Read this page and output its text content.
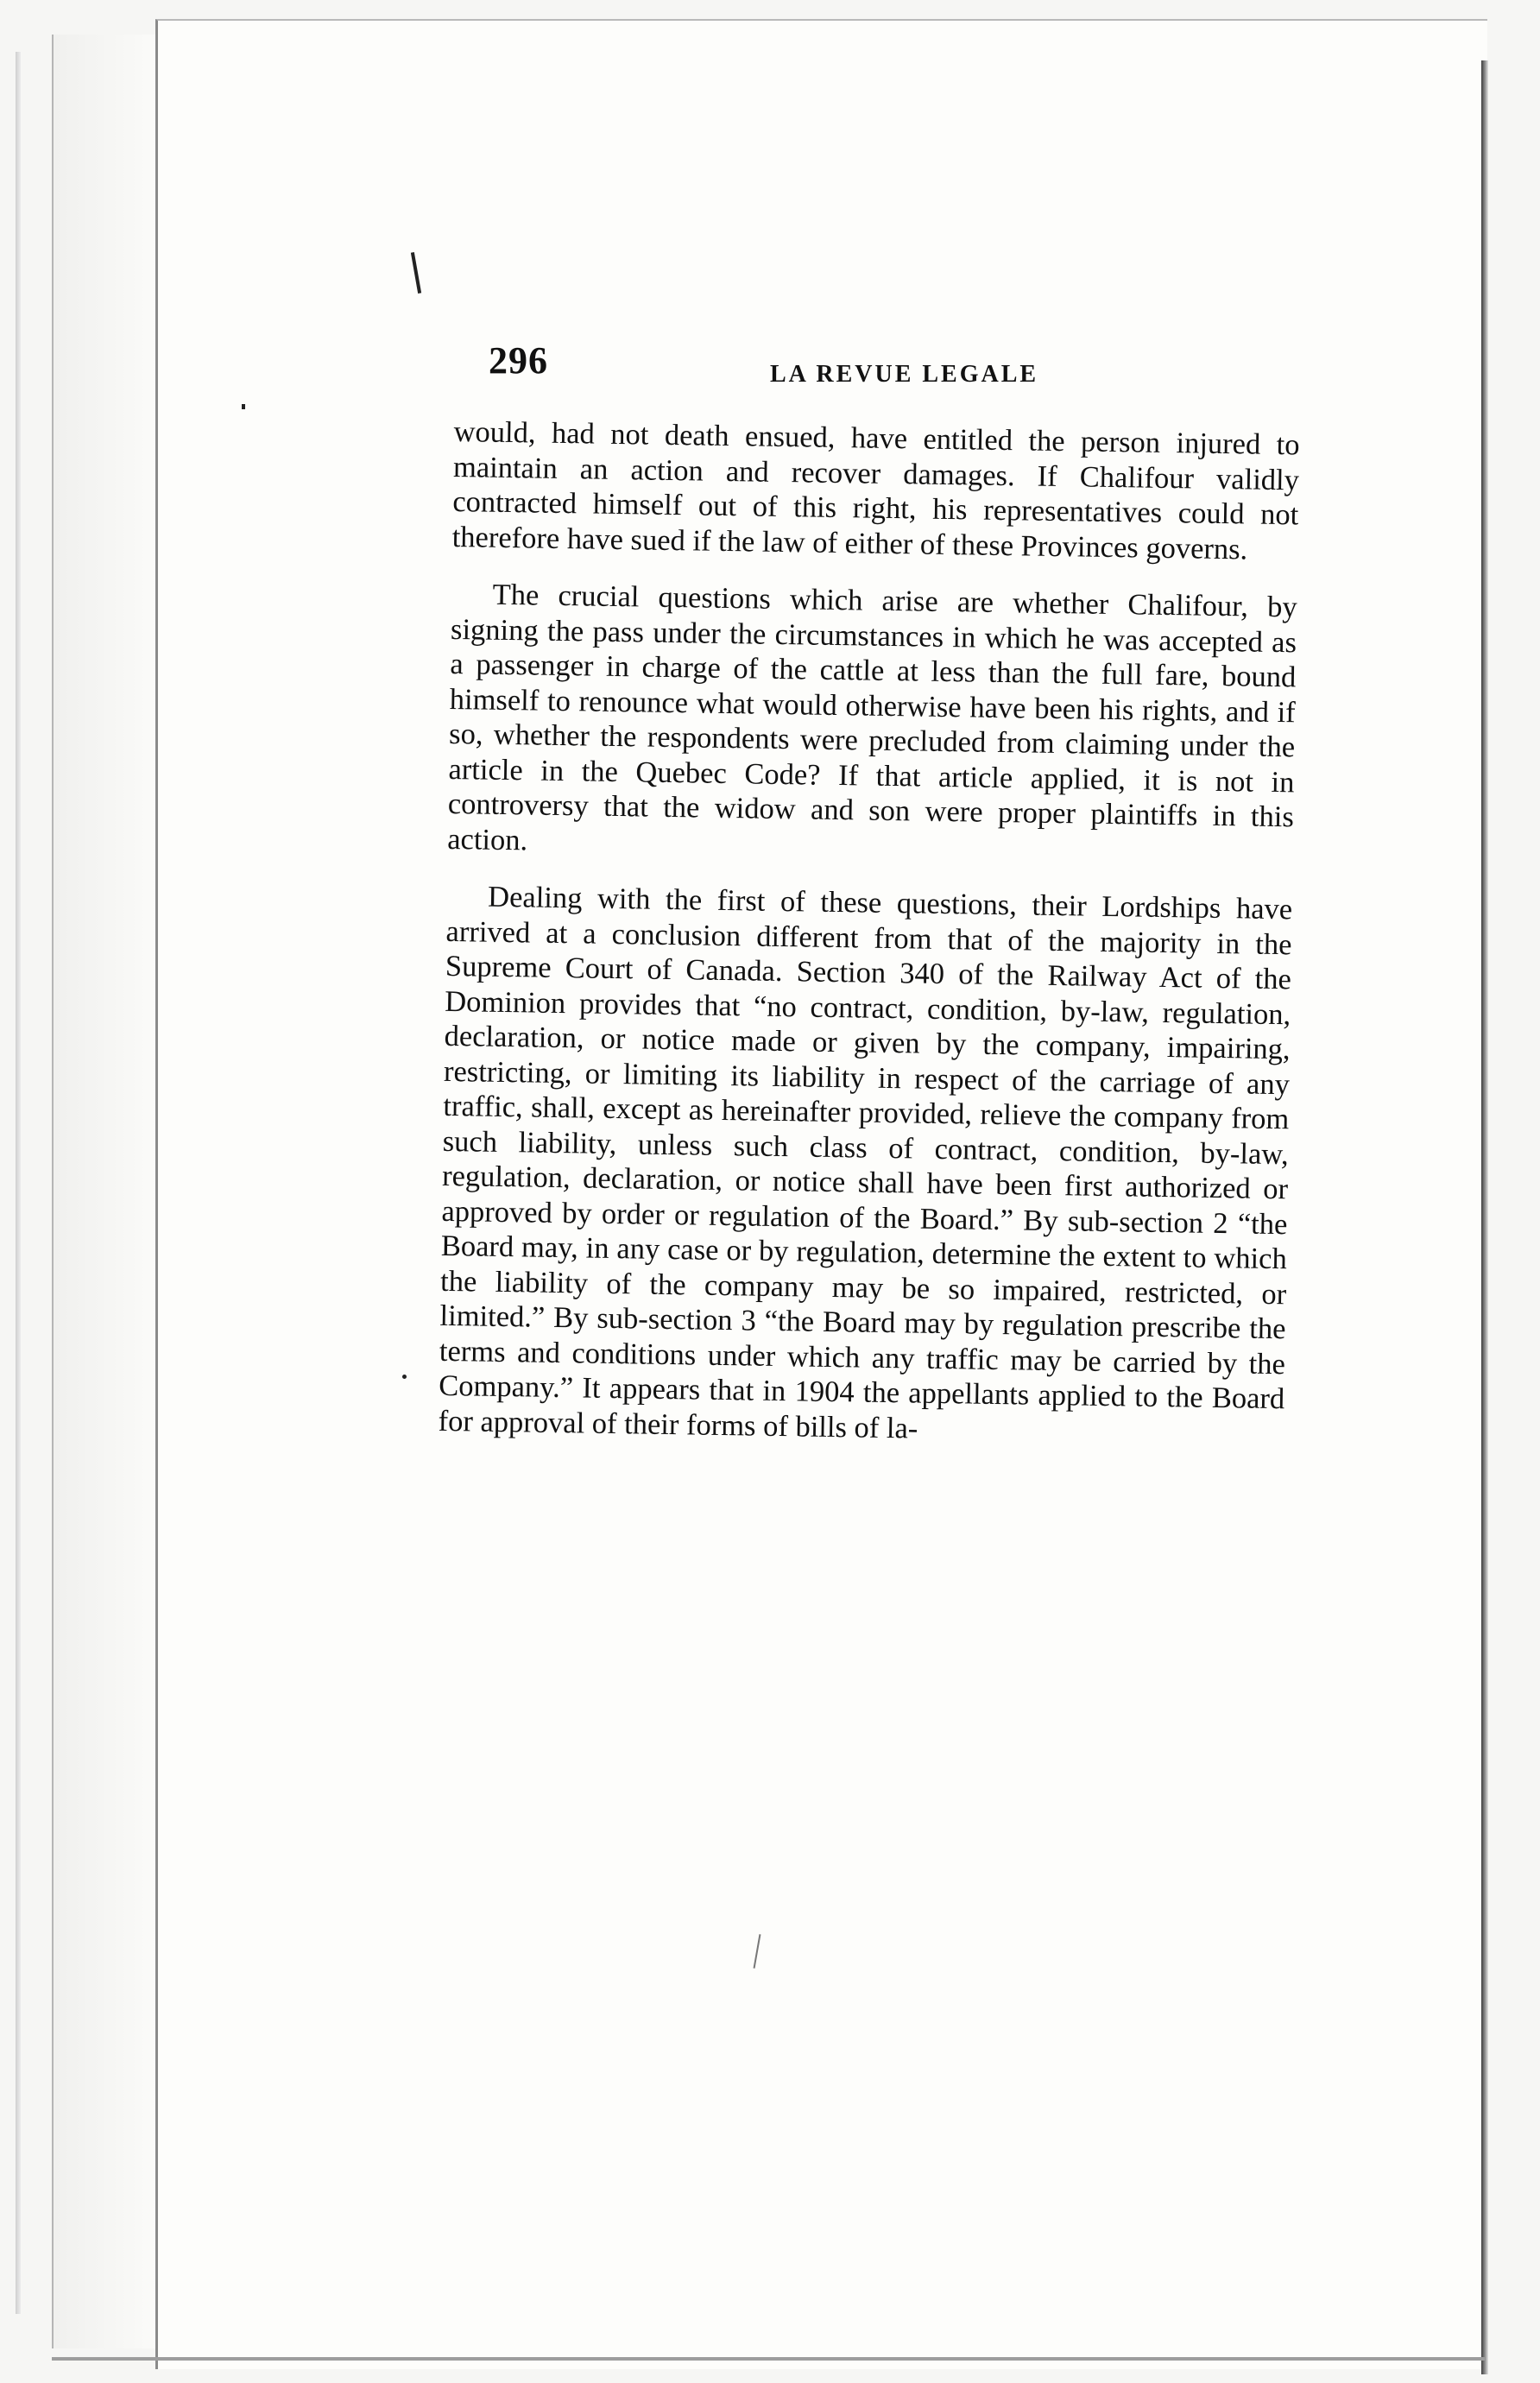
296	LA REVUE LEGALE

would, had not death ensued, have entitled the person injured to maintain an action and recover damages. If Chalifour validly contracted himself out of this right, his representatives could not therefore have sued if the law of either of these Provinces governs.

The crucial questions which arise are whether Chalifour, by signing the pass under the circumstances in which he was accepted as a passenger in charge of the cattle at less than the full fare, bound himself to renounce what would otherwise have been his rights, and if so, whether the respondents were precluded from claiming under the article in the Quebec Code? If that article applied, it is not in controversy that the widow and son were proper plaintiffs in this action.

Dealing with the first of these questions, their Lordships have arrived at a conclusion different from that of the majority in the Supreme Court of Canada. Section 340 of the Railway Act of the Dominion provides that “no contract, condition, by-law, regulation, declaration, or notice made or given by the company, impairing, restricting, or limiting its liability in respect of the carriage of any traffic, shall, except as hereinafter provided, relieve the company from such liability, unless such class of contract, condition, by-law, regulation, declaration, or notice shall have been first authorized or approved by order or regulation of the Board.” By sub-section 2 “the Board may, in any case or by regulation, determine the extent to which the liability of the company may be so impaired, restricted, or limited.” By sub-section 3 “the Board may by regulation prescribe the terms and conditions under which any traffic may be carried by the Company.” It appears that in 1904 the appellants applied to the Board for approval of their forms of bills of la-
